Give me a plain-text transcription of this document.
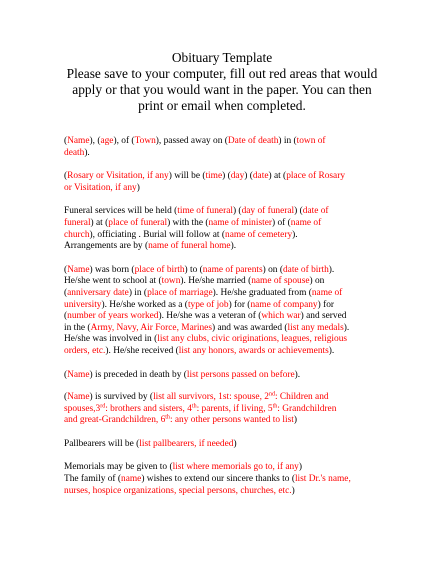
Obituary Template
Please save to your computer, fill out red areas that would
apply or that you would want in the paper. You can then
print or email when completed.

(Name), (age), of (Town), passed away on (Date of death) in (town of
death).

(Rosary or Visitation, if any) will be (time) (day) (date) at (place of Rosary
or Visitation, if any)

Funeral services will be held (time of funeral) (day of funeral) (date of
funeral) at (place of funeral) with the (name of minister) of (name of
church), officiating . Burial will follow at (name of cemetery).
Arrangements are by (name of funeral home).

(Name) was born (place of birth) to (name of parents) on (date of birth).
He/she went to school at (town). He/she married (name of spouse) on
(anniversary date) in (place of marriage). He/she graduated from (name of
university). He/she worked as a (type of job) for (name of company) for
(number of years worked). He/she was a veteran of (which war) and served
in the (Army, Navy, Air Force, Marines) and was awarded (list any medals).
He/she was involved in (list any clubs, civic originations, leagues, religious
orders, etc.). He/she received (list any honors, awards or achievements).

(Name) is preceded in death by (list persons passed on before).

(Name) is survived by (list all survivors, 1st: spouse, 2nd: Children and
spouses,3rd: brothers and sisters, 4th: parents, if living, 5th: Grandchildren
and great-Grandchildren, 6th: any other persons wanted to list)

Pallbearers will be (list pallbearers, if needed)

Memorials may be given to (list where memorials go to, if any)
The family of (name) wishes to extend our sincere thanks to (list Dr.'s name,
nurses, hospice organizations, special persons, churches, etc.)
